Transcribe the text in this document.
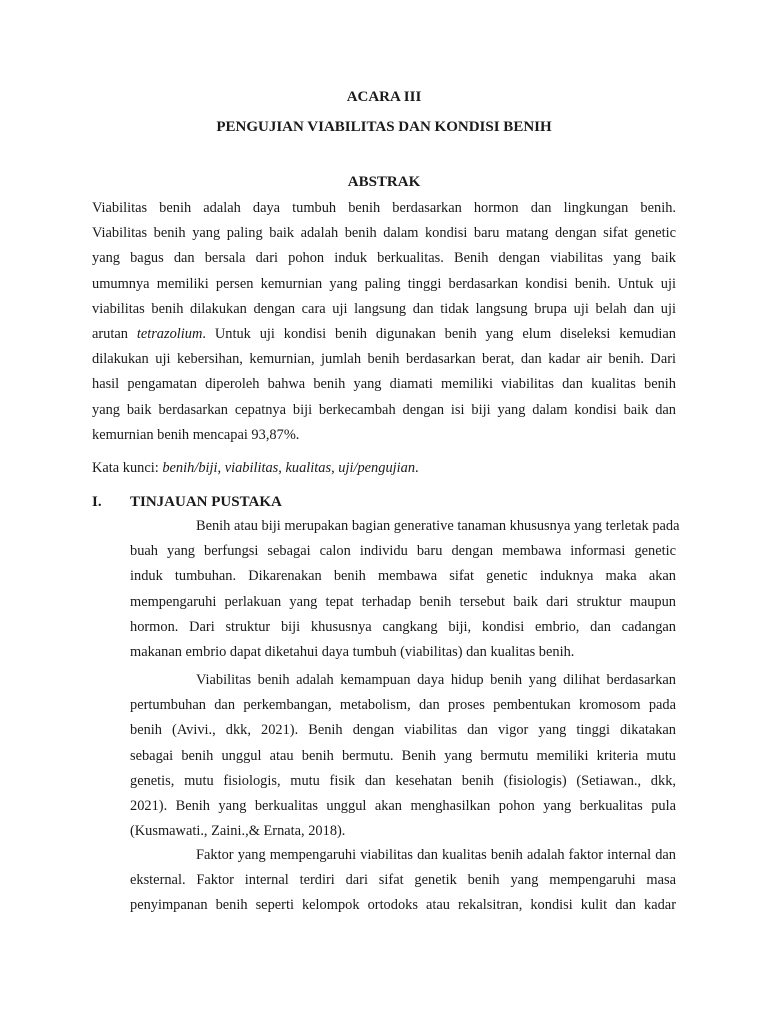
ACARA III
PENGUJIAN VIABILITAS DAN KONDISI BENIH
ABSTRAK
Viabilitas benih adalah daya tumbuh benih berdasarkan hormon dan lingkungan benih.
Viabilitas benih yang paling baik adalah benih dalam kondisi baru matang dengan sifat genetic
yang bagus dan bersala dari pohon induk berkualitas. Benih dengan viabilitas yang baik
umumnya memiliki persen kemurnian yang paling tinggi berdasarkan kondisi benih. Untuk uji
viabilitas benih dilakukan dengan cara uji langsung dan tidak langsung brupa uji belah dan uji
arutan tetrazolium. Untuk uji kondisi benih digunakan benih yang elum diseleksi kemudian
dilakukan uji kebersihan, kemurnian, jumlah benih berdasarkan berat, dan kadar air benih. Dari
hasil pengamatan diperoleh bahwa benih yang diamati memiliki viabilitas dan kualitas benih
yang baik berdasarkan cepatnya biji berkecambah dengan isi biji yang dalam kondisi baik dan
kemurnian benih mencapai 93,87%.
Kata kunci: benih/biji, viabilitas, kualitas, uji/pengujian.
I. TINJAUAN PUSTAKA
Benih atau biji merupakan bagian generative tanaman khususnya yang terletak pada
buah yang berfungsi sebagai calon individu baru dengan membawa informasi genetic
induk tumbuhan. Dikarenakan benih membawa sifat genetic induknya maka akan
mempengaruhi perlakuan yang tepat terhadap benih tersebut baik dari struktur maupun
hormon. Dari struktur biji khususnya cangkang biji, kondisi embrio, dan cadangan
makanan embrio dapat diketahui daya tumbuh (viabilitas) dan kualitas benih.
Viabilitas benih adalah kemampuan daya hidup benih yang dilihat berdasarkan
pertumbuhan dan perkembangan, metabolism, dan proses pembentukan kromosom pada
benih (Avivi., dkk, 2021). Benih dengan viabilitas dan vigor yang tinggi dikatakan
sebagai benih unggul atau benih bermutu. Benih yang bermutu memiliki kriteria mutu
genetis, mutu fisiologis, mutu fisik dan kesehatan benih (fisiologis) (Setiawan., dkk,
2021). Benih yang berkualitas unggul akan menghasilkan pohon yang berkualitas pula
(Kusmawati., Zaini.,& Ernata, 2018).
Faktor yang mempengaruhi viabilitas dan kualitas benih adalah faktor internal dan
eksternal. Faktor internal terdiri dari sifat genetik benih yang mempengaruhi masa
penyimpanan benih seperti kelompok ortodoks atau rekalsitran, kondisi kulit dan kadar
